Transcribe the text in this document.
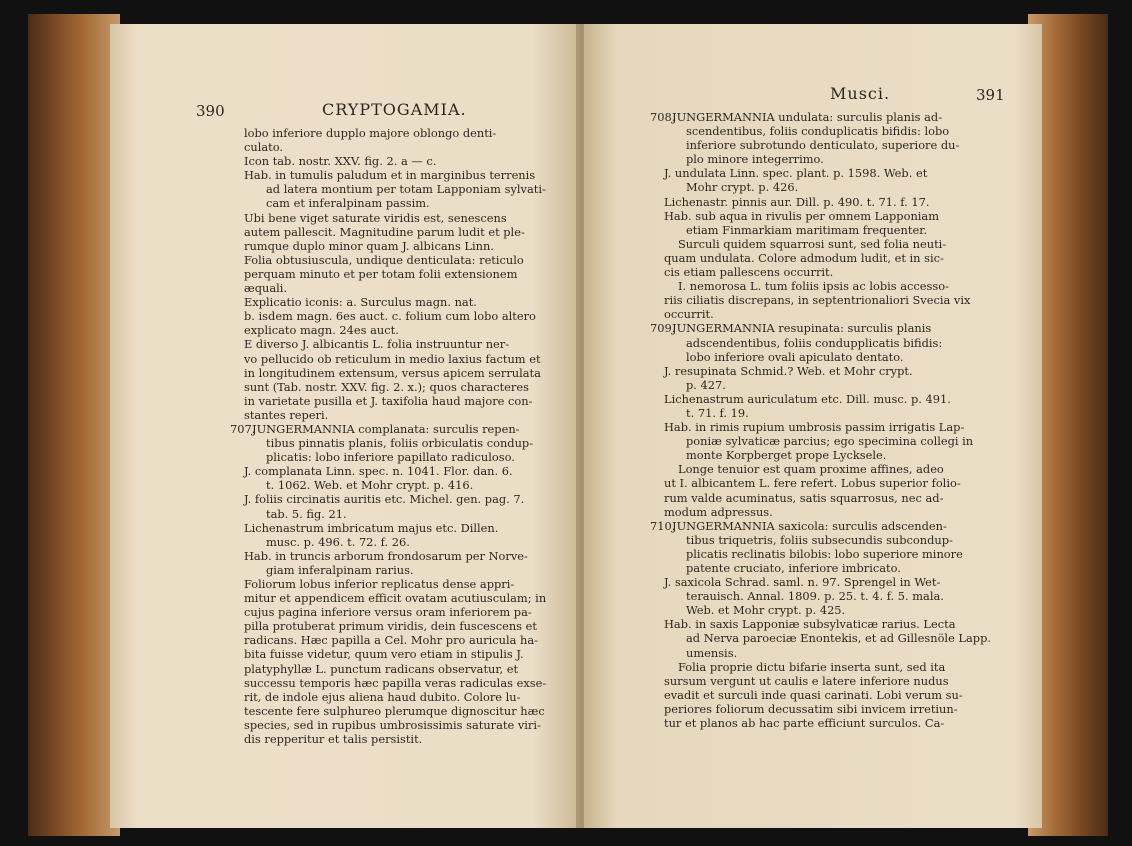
390	CRYPTOGAMIA.

lobo inferiore dupplo majore oblongo denti-

culato.

Icon tab. nostr. XXV. fig. 2. a — c.

Hab. in tumulis paludum et in marginibus terrenis

ad latera montium per totam Lapponiam sylvati-

cam et inferalpinam passim.

Ubi bene viget saturate viridis est, senescens

autem pallescit. Magnitudine parum ludit et ple-

rumque duplo minor quam J. albicans Linn.

Folia obtusiuscula, undique denticulata: reticulo

perquam minuto et per totam folii extensionem

æquali.

Explicatio iconis: a. Surculus magn. nat.

b. isdem magn. 6es auct. c. folium cum lobo altero

explicato magn. 24es auct.

E diverso J. albicantis L. folia instruuntur ner-

vo pellucido ob reticulum in medio laxius factum et

in longitudinem extensum, versus apicem serrulata

sunt (Tab. nostr. XXV. fig. 2. x.); quos characteres

in varietate pusilla et J. taxifolia haud majore con-

stantes reperi.

707.JUNGERMANNIA complanata: surculis repen-

tibus pinnatis planis, foliis orbiculatis condup-

plicatis: lobo inferiore papillato radiculoso.

J. complanata Linn. spec. n. 1041. Flor. dan. 6.

t. 1062. Web. et Mohr crypt. p. 416.

J. foliis circinatis auritis etc. Michel. gen. pag. 7.

tab. 5. fig. 21.

Lichenastrum imbricatum majus etc. Dillen.

musc. p. 496. t. 72. f. 26.

Hab. in truncis arborum frondosarum per Norve-

giam inferalpinam rarius.

Foliorum lobus inferior replicatus dense appri-

mitur et appendicem efficit ovatam acutiusculam; in

cujus pagina inferiore versus oram inferiorem pa-

pilla protuberat primum viridis, dein fuscescens et

radicans. Hæc papilla a Cel. Mohr pro auricula ha-

bita fuisse videtur, quum vero etiam in stipulis J.

platyphyllæ L. punctum radicans observatur, et

successu temporis hæc papilla veras radiculas exse-

rit, de indole ejus aliena haud dubito. Colore lu-

tescente fere sulphureo plerumque dignoscitur hæc

species, sed in rupibus umbrosissimis saturate viri-

dis repperitur et talis persistit.

Musci.	391

708.JUNGERMANNIA undulata: surculis planis ad-

scendentibus, foliis conduplicatis bifidis: lobo

inferiore subrotundo denticulato, superiore du-

plo minore integerrimo.

J. undulata Linn. spec. plant. p. 1598. Web. et

Mohr crypt. p. 426.

Lichenastr. pinnis aur. Dill. p. 490. t. 71. f. 17.

Hab. sub aqua in rivulis per omnem Lapponiam

etiam Finmarkiam maritimam frequenter.

Surculi quidem squarrosi sunt, sed folia neuti-

quam undulata. Colore admodum ludit, et in sic-

cis etiam pallescens occurrit.

I. nemorosa L. tum foliis ipsis ac lobis accesso-

riis ciliatis discrepans, in septentrionaliori Svecia vix

occurrit.

709.JUNGERMANNIA resupinata: surculis planis

adscendentibus, foliis condupplicatis bifidis:

lobo inferiore ovali apiculato dentato.

J. resupinata Schmid.? Web. et Mohr crypt.

p. 427.

Lichenastrum auriculatum etc. Dill. musc. p. 491.

t. 71. f. 19.

Hab. in rimis rupium umbrosis passim irrigatis Lap-

poniæ sylvaticæ parcius; ego specimina collegi in

monte Korpberget prope Lycksele.

Longe tenuior est quam proxime affines, adeo

ut I. albicantem L. fere refert. Lobus superior folio-

rum valde acuminatus, satis squarrosus, nec ad-

modum adpressus.

710.JUNGERMANNIA saxicola: surculis adscenden-

tibus triquetris, foliis subsecundis subcondup-

plicatis reclinatis bilobis: lobo superiore minore

patente cruciato, inferiore imbricato.

J. saxicola Schrad. saml. n. 97. Sprengel in Wet-

terauisch. Annal. 1809. p. 25. t. 4. f. 5. mala.

Web. et Mohr crypt. p. 425.

Hab. in saxis Lapponiæ subsylvaticæ rarius. Lecta

ad Nerva paroeciæ Enontekis, et ad Gillesnöle Lapp.

umensis.

Folia proprie dictu bifarie inserta sunt, sed ita

sursum vergunt ut caulis e latere inferiore nudus

evadit et surculi inde quasi carinati. Lobi verum su-

periores foliorum decussatim sibi invicem irretiun-

tur et planos ab hac parte efficiunt surculos. Ca-
